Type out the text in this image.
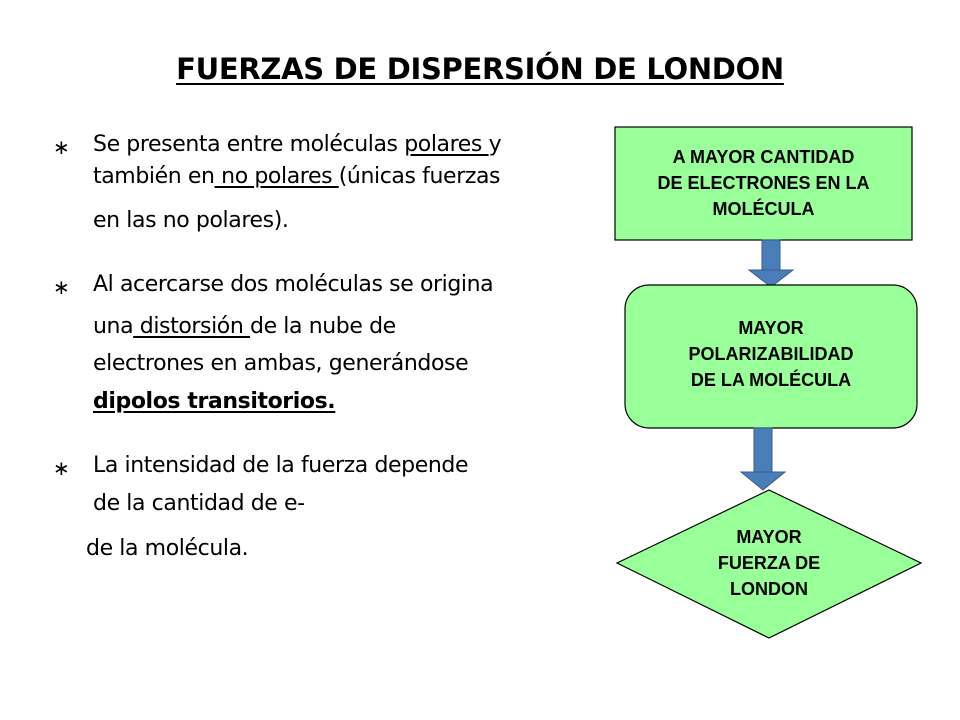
FUERZAS DE DISPERSIÓN DE LONDON
∗ Se presenta entre moléculas polares y
también en no polares (únicas fuerzas
en las no polares).
∗ Al acercarse dos moléculas se origina
una distorsión de la nube de
electrones en ambas, generándose
dipolos transitorios.
∗ La intensidad de la fuerza depende
de la cantidad de e-
de la molécula.
A MAYOR CANTIDAD
DE ELECTRONES EN LA
MOLÉCULA
MAYOR
POLARIZABILIDAD
DE LA MOLÉCULA
MAYOR
FUERZA DE
LONDON
